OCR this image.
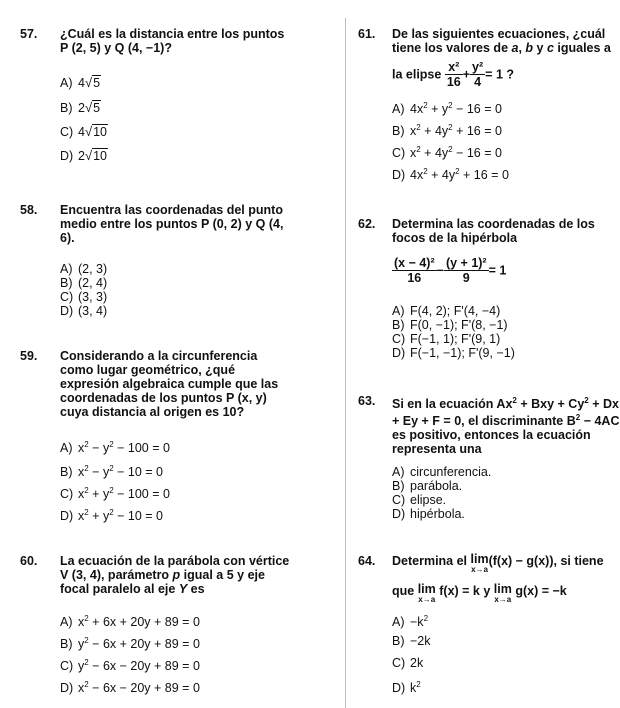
57. ¿Cuál es la distancia entre los puntos
P (2, 5) y Q (4, −1)?
A) 4√5
B) 2√5
C) 4√10
D) 2√10
58. Encuentra las coordenadas del punto
medio entre los puntos P (0, 2) y Q (4,
6).
A) (2, 3)
B) (2, 4)
C) (3, 3)
D) (3, 4)
59. Considerando a la circunferencia
como lugar geométrico, ¿qué
expresión algebraica cumple que las
coordenadas de los puntos P (x, y)
cuya distancia al origen es 10?
A) $x^2 - y^2 - 100 = 0$
B) $x^2 - y^2 - 10 = 0$
C) $x^2 + y^2 - 100 = 0$
D) $x^2 + y^2 - 10 = 0$
60. La ecuación de la parábola con vértice
V (3, 4), parámetro p igual a 5 y eje
focal paralelo al eje Y es
A) $x^2 + 6x + 20y + 89 = 0$
B) $y^2 - 6x + 20y + 89 = 0$
C) $y^2 - 6x - 20y + 89 = 0$
D) $x^2 - 6x - 20y + 89 = 0$
61. De las siguientes ecuaciones, ¿cuál
tiene los valores de a, b y c iguales a
la elipse $\frac{\text{x²}}{16} + \frac{\text{y²}}{4} = 1$ ?
A) $4x^2 + y^2 - 16 = 0$
B) $x^2 + 4y^2 + 16 = 0$
C) $x^2 + 4y^2 - 16 = 0$
D) $4x^2 + 4y^2 + 16 = 0$
62. Determina las coordenadas de los
focos de la hipérbola
$\frac{\text{(x − 4)²}}{16} - \frac{\text{(y + 1)²}}{9} = 1$
A) F(4, 2); F'(4, −4)
B) F(0, −1); F'(8, −1)
C) F(−1, 1); F'(9, 1)
D) F(−1, −1); F'(9, −1)
63. Si en la ecuación $Ax^2$ + Bxy + $Cy^2 + Dx$
+ Ey + F = 0, el discriminante $B^2 - 4AC$
es positivo, entonces la ecuación
representa una
A) circunferencia.
B) parábola.
C) elipse.
D) hipérbola.
64. Determina el lim
x→a
(f(x) − g(x)), si tiene
que lim
x→a
f(x) = k y lim
x→a
g(x) = −k
$A) -k^2$
B) −2k
C) 2k
D) $k^2$
